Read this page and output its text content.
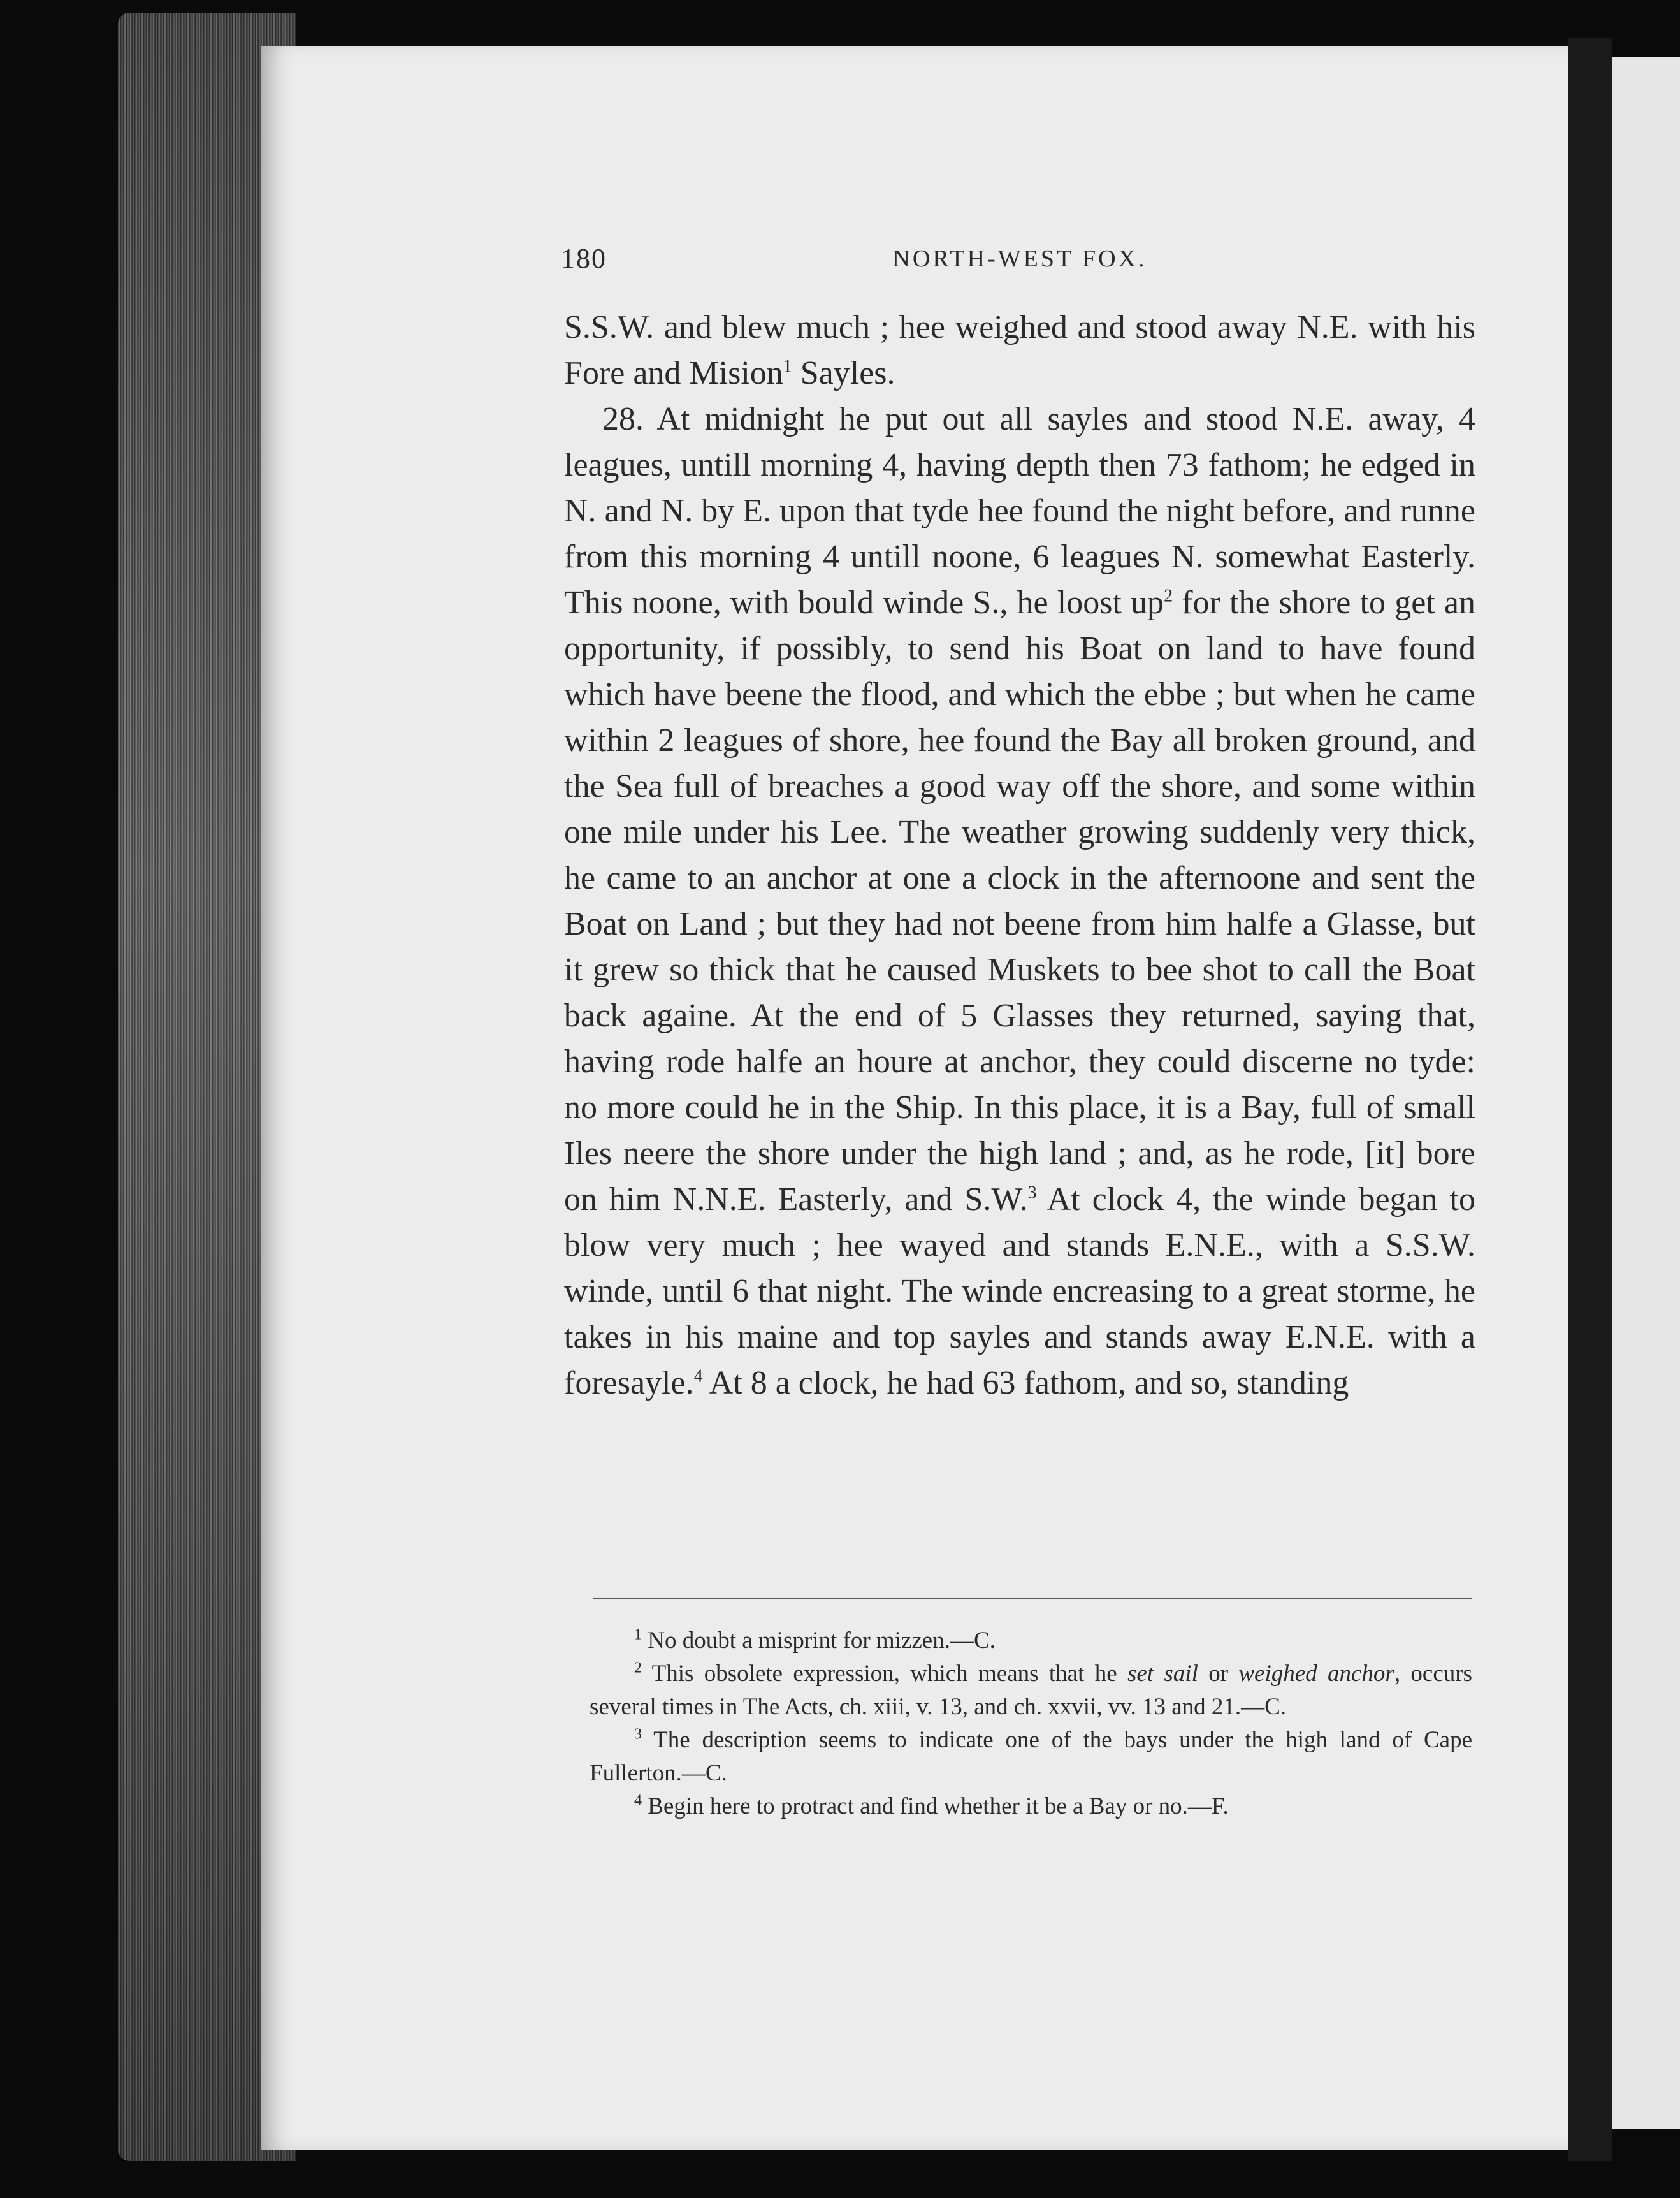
180	NORTH-WEST FOX.

S.S.W. and blew much ; hee weighed and stood away N.E. with his Fore and Mision$^1$ Sayles.

28. At midnight he put out all sayles and stood N.E. away, 4 leagues, untill morning 4, having depth then 73 fathom; he edged in N. and N. by E. upon that tyde hee found the night before, and runne from this morning 4 untill noone, 6 leagues N. somewhat Easterly. This noone, with bould winde S., he loost $up^2$ for the shore to get an opportunity, if possibly, to send his Boat on land to have found which have beene the flood, and which the ebbe ; but when he came within 2 leagues of shore, hee found the Bay all broken ground, and the Sea full of breaches a good way off the shore, and some within one mile under his Lee. The weather growing suddenly very thick, he came to an anchor at one a clock in the afternoone and sent the Boat on Land ; but they had not beene from him halfe a Glasse, but it grew so thick that he caused Muskets to bee shot to call the Boat back againe. At the end of 5 Glasses they returned, saying that, having rode halfe an houre at anchor, they could discerne no tyde: no more could he in the Ship. In this place, it is a Bay, full of small Iles neere the shore under the high land ; and, as he rode, [it] bore on him N.N.E. Easterly, and S.W.$^3$ At clock 4, the winde began to blow very much ; hee wayed and stands E.N.E., with a S.S.W. winde, until 6 that night. The winde encreasing to a great storme, he takes in his maine and top sayles and stands away E.N.E. with a foresayle.$^4$ At 8 a clock, he had 63 fathom, and so, standing

$^1$ No doubt a misprint for mizzen.—C.

$^2$ This obsolete expression, which means that he set sail or weighed anchor, occurs several times in The Acts, ch. xiii, v. 13, and ch. xxvii, vv. 13 and 21.—C.

$^3$ The description seems to indicate one of the bays under the high land of Cape Fullerton.—C.

$^4$ Begin here to protract and find whether it be a Bay or no.—F.
